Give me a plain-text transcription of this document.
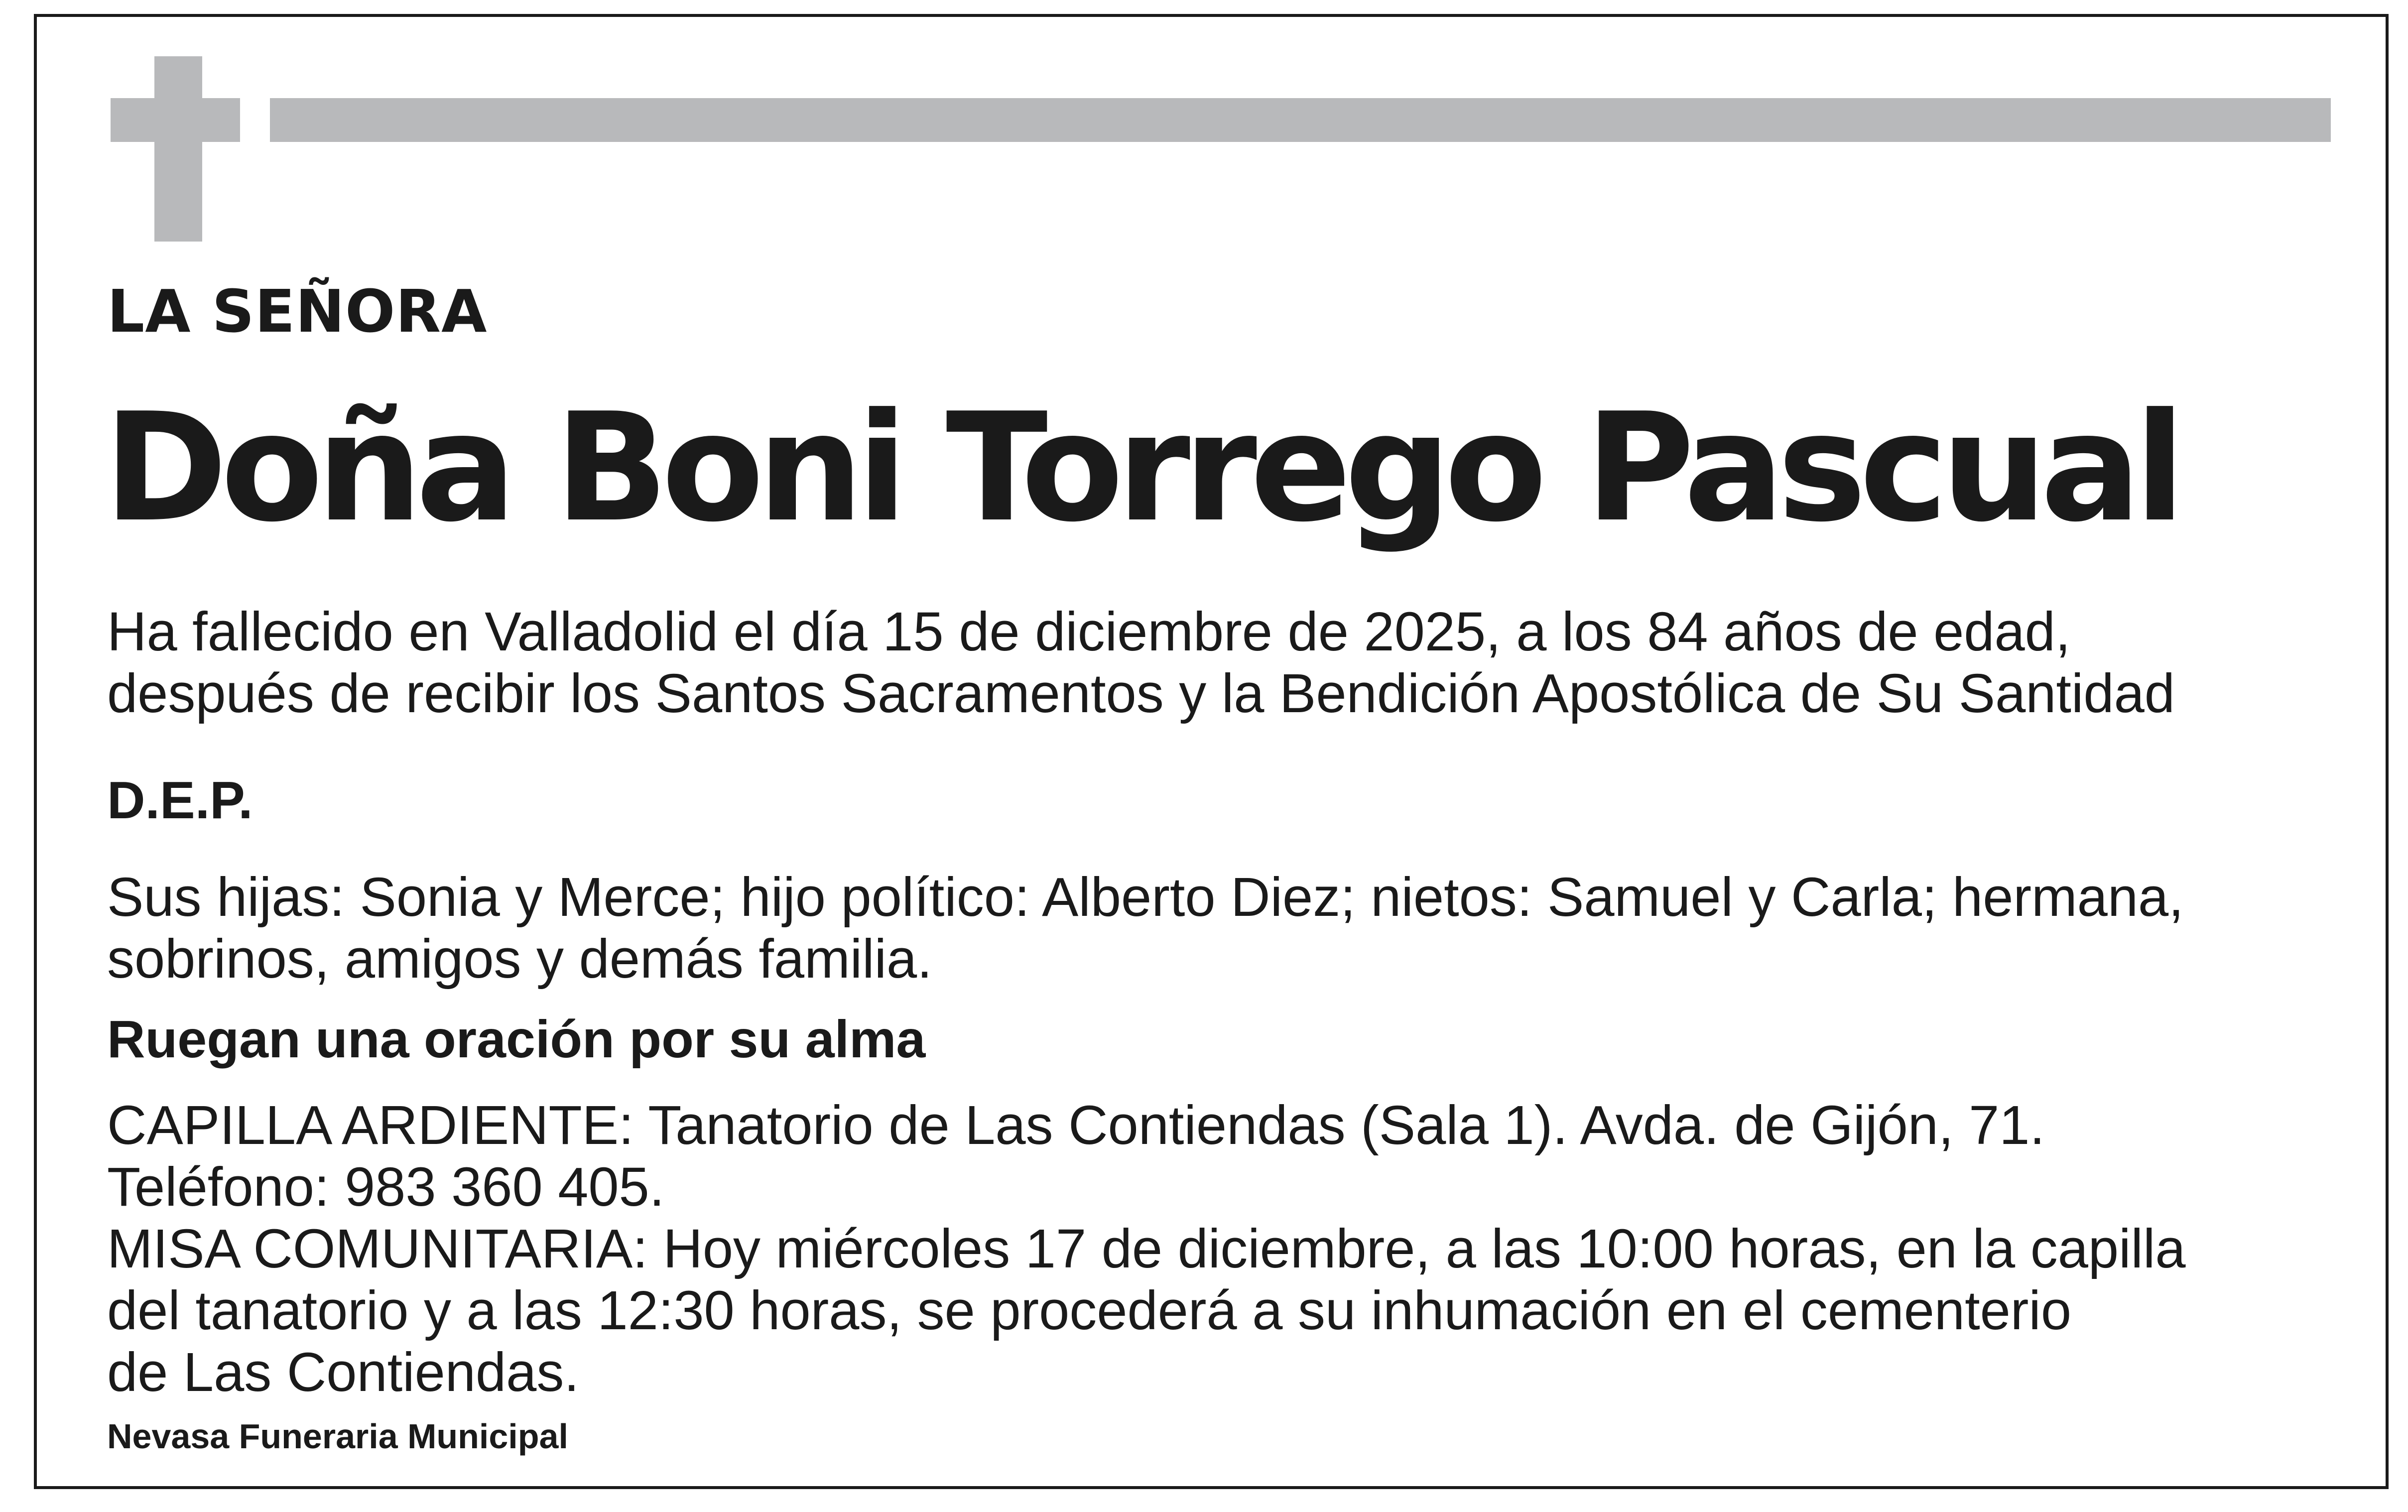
LA SEÑORA
Doña Boni Torrego Pascual

Ha fallecido en Valladolid el día 15 de diciembre de 2025, a los 84 años de edad,
después de recibir los Santos Sacramentos y la Bendición Apostólica de Su Santidad

D.E.P.

Sus hijas: Sonia y Merce; hijo político: Alberto Diez; nietos: Samuel y Carla; hermana,
sobrinos, amigos y demás familia.

Ruegan una oración por su alma

CAPILLA ARDIENTE: Tanatorio de Las Contiendas (Sala 1). Avda. de Gijón, 71.
Teléfono: 983 360 405.
MISA COMUNITARIA: Hoy miércoles 17 de diciembre, a las 10:00 horas, en la capilla
del tanatorio y a las 12:30 horas, se procederá a su inhumación en el cementerio
de Las Contiendas.

Nevasa Funeraria Municipal
